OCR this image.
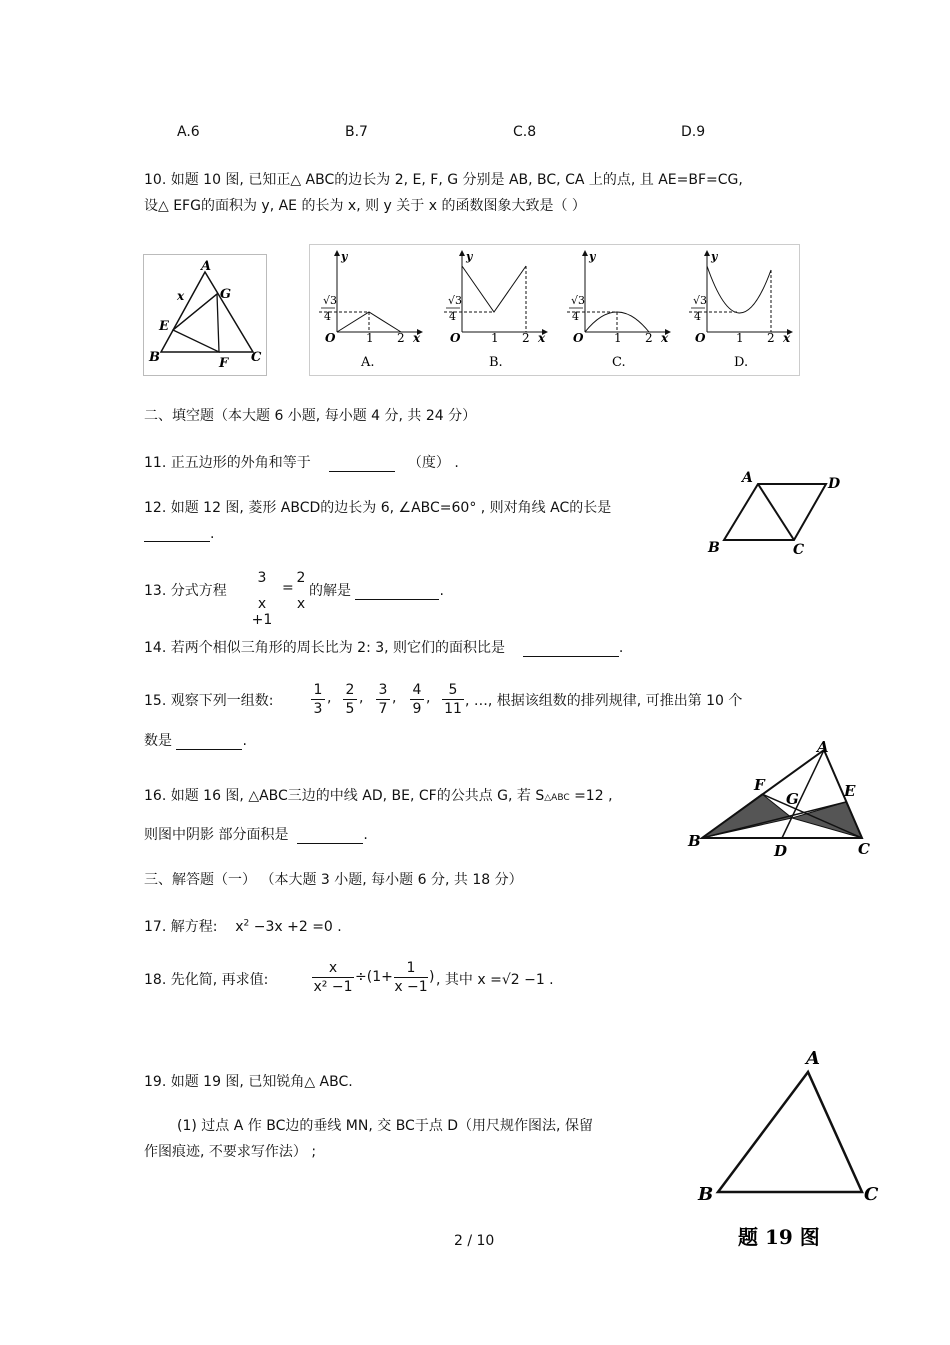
A.6	B.7	C.8	D.9
10. 如题 10 图, 已知正△ ABC的边长为 2, E, F, G 分别是 AB, BC, CA 上的点, 且 AE=BF=CG,
设△ EFG的面积为 y, AE 的长为 x, 则 y 关于 x 的函数图象大致是（ ）
A
B	C
E
F
G
x	√3
4
y
O	1 2 x
A.
√3
4
y
O	1 2 x
B.
√3
4
y
O	1 2 x
C.
√3
4
y
O	1 2 x
D.
二、填空题（本大题 6 小题, 每小题 4 分, 共 24 分）
11. 正五边形的外角和等于	（度） .
12. 如题 12 图, 菱形 ABCD的边长为 6, ∠ABC=60° , 则对角线 AC的长是
.
A	D
B	C
13. 分式方程
3
x +1
=
2
x
的解是	.
14. 若两个相似三角形的周长比为 2: 3, 则它们的面积比是	.
15. 观察下列一组数:
1
3
, 2
5
, 3
7
, 4
9
,	5
11 , …, 根据该组数的排列规律, 可推出第 10 个
数是	.
16. 如题 16 图, △ABC三边的中线 AD, BE, CF的公共点 G, 若 S△ABC =12 ,
则图中阴影 部分面积是	.
A
B	C
D
E
F
G
三、解答题（一） （本大题 3 小题, 每小题 6 分, 共 18 分）
17. 解方程: $x^2 -3x +2 =0$ .
18. 先化简, 再求值:
x
x² −1
÷(1+
1
x −1
) , 其中 x =√2 −1 .
19. 如题 19 图, 已知锐角△ ABC.
(1) 过点 A 作 BC边的垂线 MN, 交 BC于点 D（用尺规作图法, 保留
作图痕迹, 不要求写作法） ;
A
B	C
题 19 图
2 / 10
